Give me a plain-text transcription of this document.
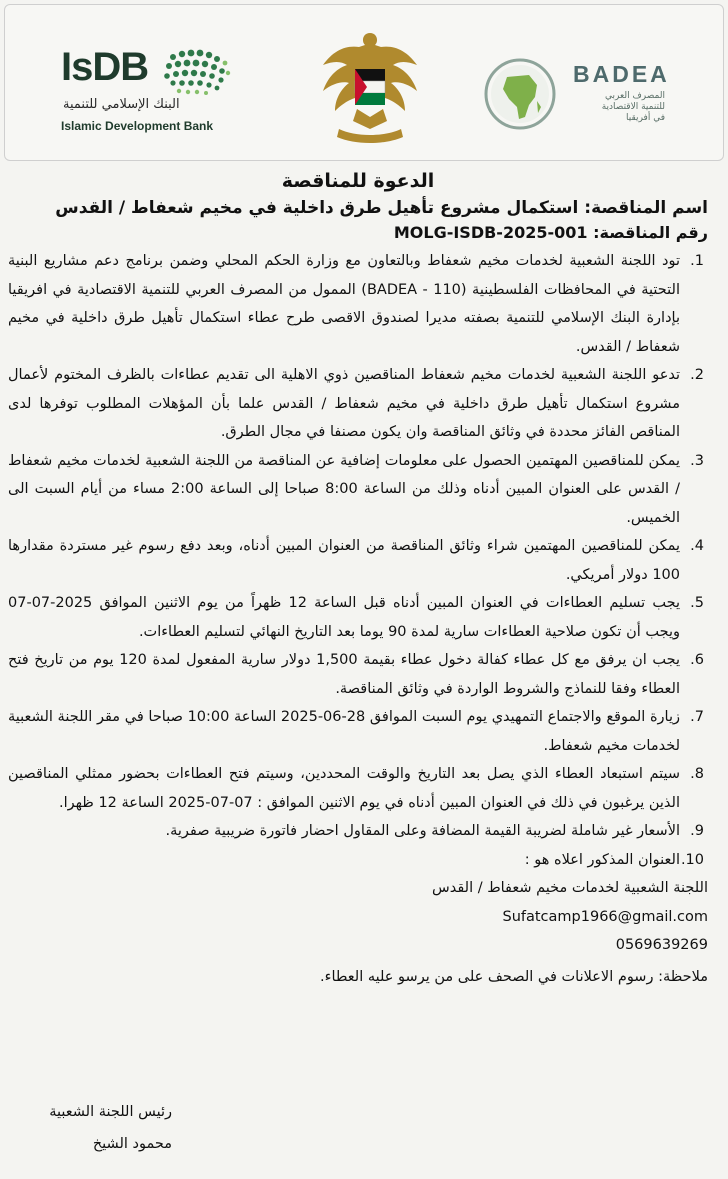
IsDB
البنك الإسلامي للتنمية
Islamic Development Bank
BADEA
المصرف العربي
للتنمية الاقتصادية
في أفريقيا
الدعوة للمناقصة
اسم المناقصة: استكمال مشروع تأهيل طرق داخلية في مخيم شعفاط / القدس
رقم المناقصة: MOLG-ISDB-2025-001
1.
تود اللجنة الشعبية لخدمات مخيم شعفاط وبالتعاون مع وزارة الحكم المحلي وضمن برنامج دعم مشاريع البنية التحتية في المحافظات الفلسطينية (BADEA - 110) الممول من المصرف العربي للتنمية الاقتصادية في افريقيا بإدارة البنك الإسلامي للتنمية بصفته مديرا لصندوق الاقصى طرح عطاء استكمال تأهيل طرق داخلية في مخيم شعفاط / القدس.
2.
تدعو اللجنة الشعبية لخدمات مخيم شعفاط المناقصين ذوي الاهلية الى تقديم عطاءات بالظرف المختوم لأعمال مشروع استكمال تأهيل طرق داخلية في مخيم شعفاط / القدس علما بأن المؤهلات المطلوب توفرها لدى المناقص الفائز محددة في وثائق المناقصة وان يكون مصنفا في مجال الطرق.
3.
يمكن للمناقصين المهتمين الحصول على معلومات إضافية عن المناقصة من اللجنة الشعبية لخدمات مخيم شعفاط / القدس على العنوان المبين أدناه وذلك من الساعة 8:00 صباحا إلى الساعة 2:00 مساء من أيام السبت الى الخميس.
4.
يمكن للمناقصين المهتمين شراء وثائق المناقصة من العنوان المبين أدناه، وبعد دفع رسوم غير مستردة مقدارها 100 دولار أمريكي.
5.
يجب تسليم العطاءات في العنوان المبين أدناه قبل الساعة 12 ظهراً من يوم الاثنين الموافق 2025-07-07 ويجب أن تكون صلاحية العطاءات سارية لمدة 90 يوما بعد التاريخ النهائي لتسليم العطاءات.
6.
يجب ان يرفق مع كل عطاء كفالة دخول عطاء بقيمة 1,500 دولار سارية المفعول لمدة 120 يوم من تاريخ فتح العطاء وفقا للنماذج والشروط الواردة في وثائق المناقصة.
7.
زيارة الموقع والاجتماع التمهيدي يوم السبت الموافق 28-06-2025 الساعة 10:00 صباحا في مقر اللجنة الشعبية لخدمات مخيم شعفاط.
8.
سيتم استبعاد العطاء الذي يصل بعد التاريخ والوقت المحددين، وسيتم فتح العطاءات بحضور ممثلي المناقصين الذين يرغبون في ذلك في العنوان المبين أدناه في يوم الاثنين الموافق : 07-07-2025 الساعة 12 ظهرا.
9.
الأسعار غير شاملة لضريبة القيمة المضافة وعلى المقاول احضار فاتورة ضريبية صفرية.
10.
العنوان المذكور اعلاه هو :
اللجنة الشعبية لخدمات مخيم شعفاط / القدس
Sufatcamp1966@gmail.com
0569639269
ملاحظة: رسوم الاعلانات في الصحف على من يرسو عليه العطاء.
رئيس اللجنة الشعبية
محمود الشيخ
